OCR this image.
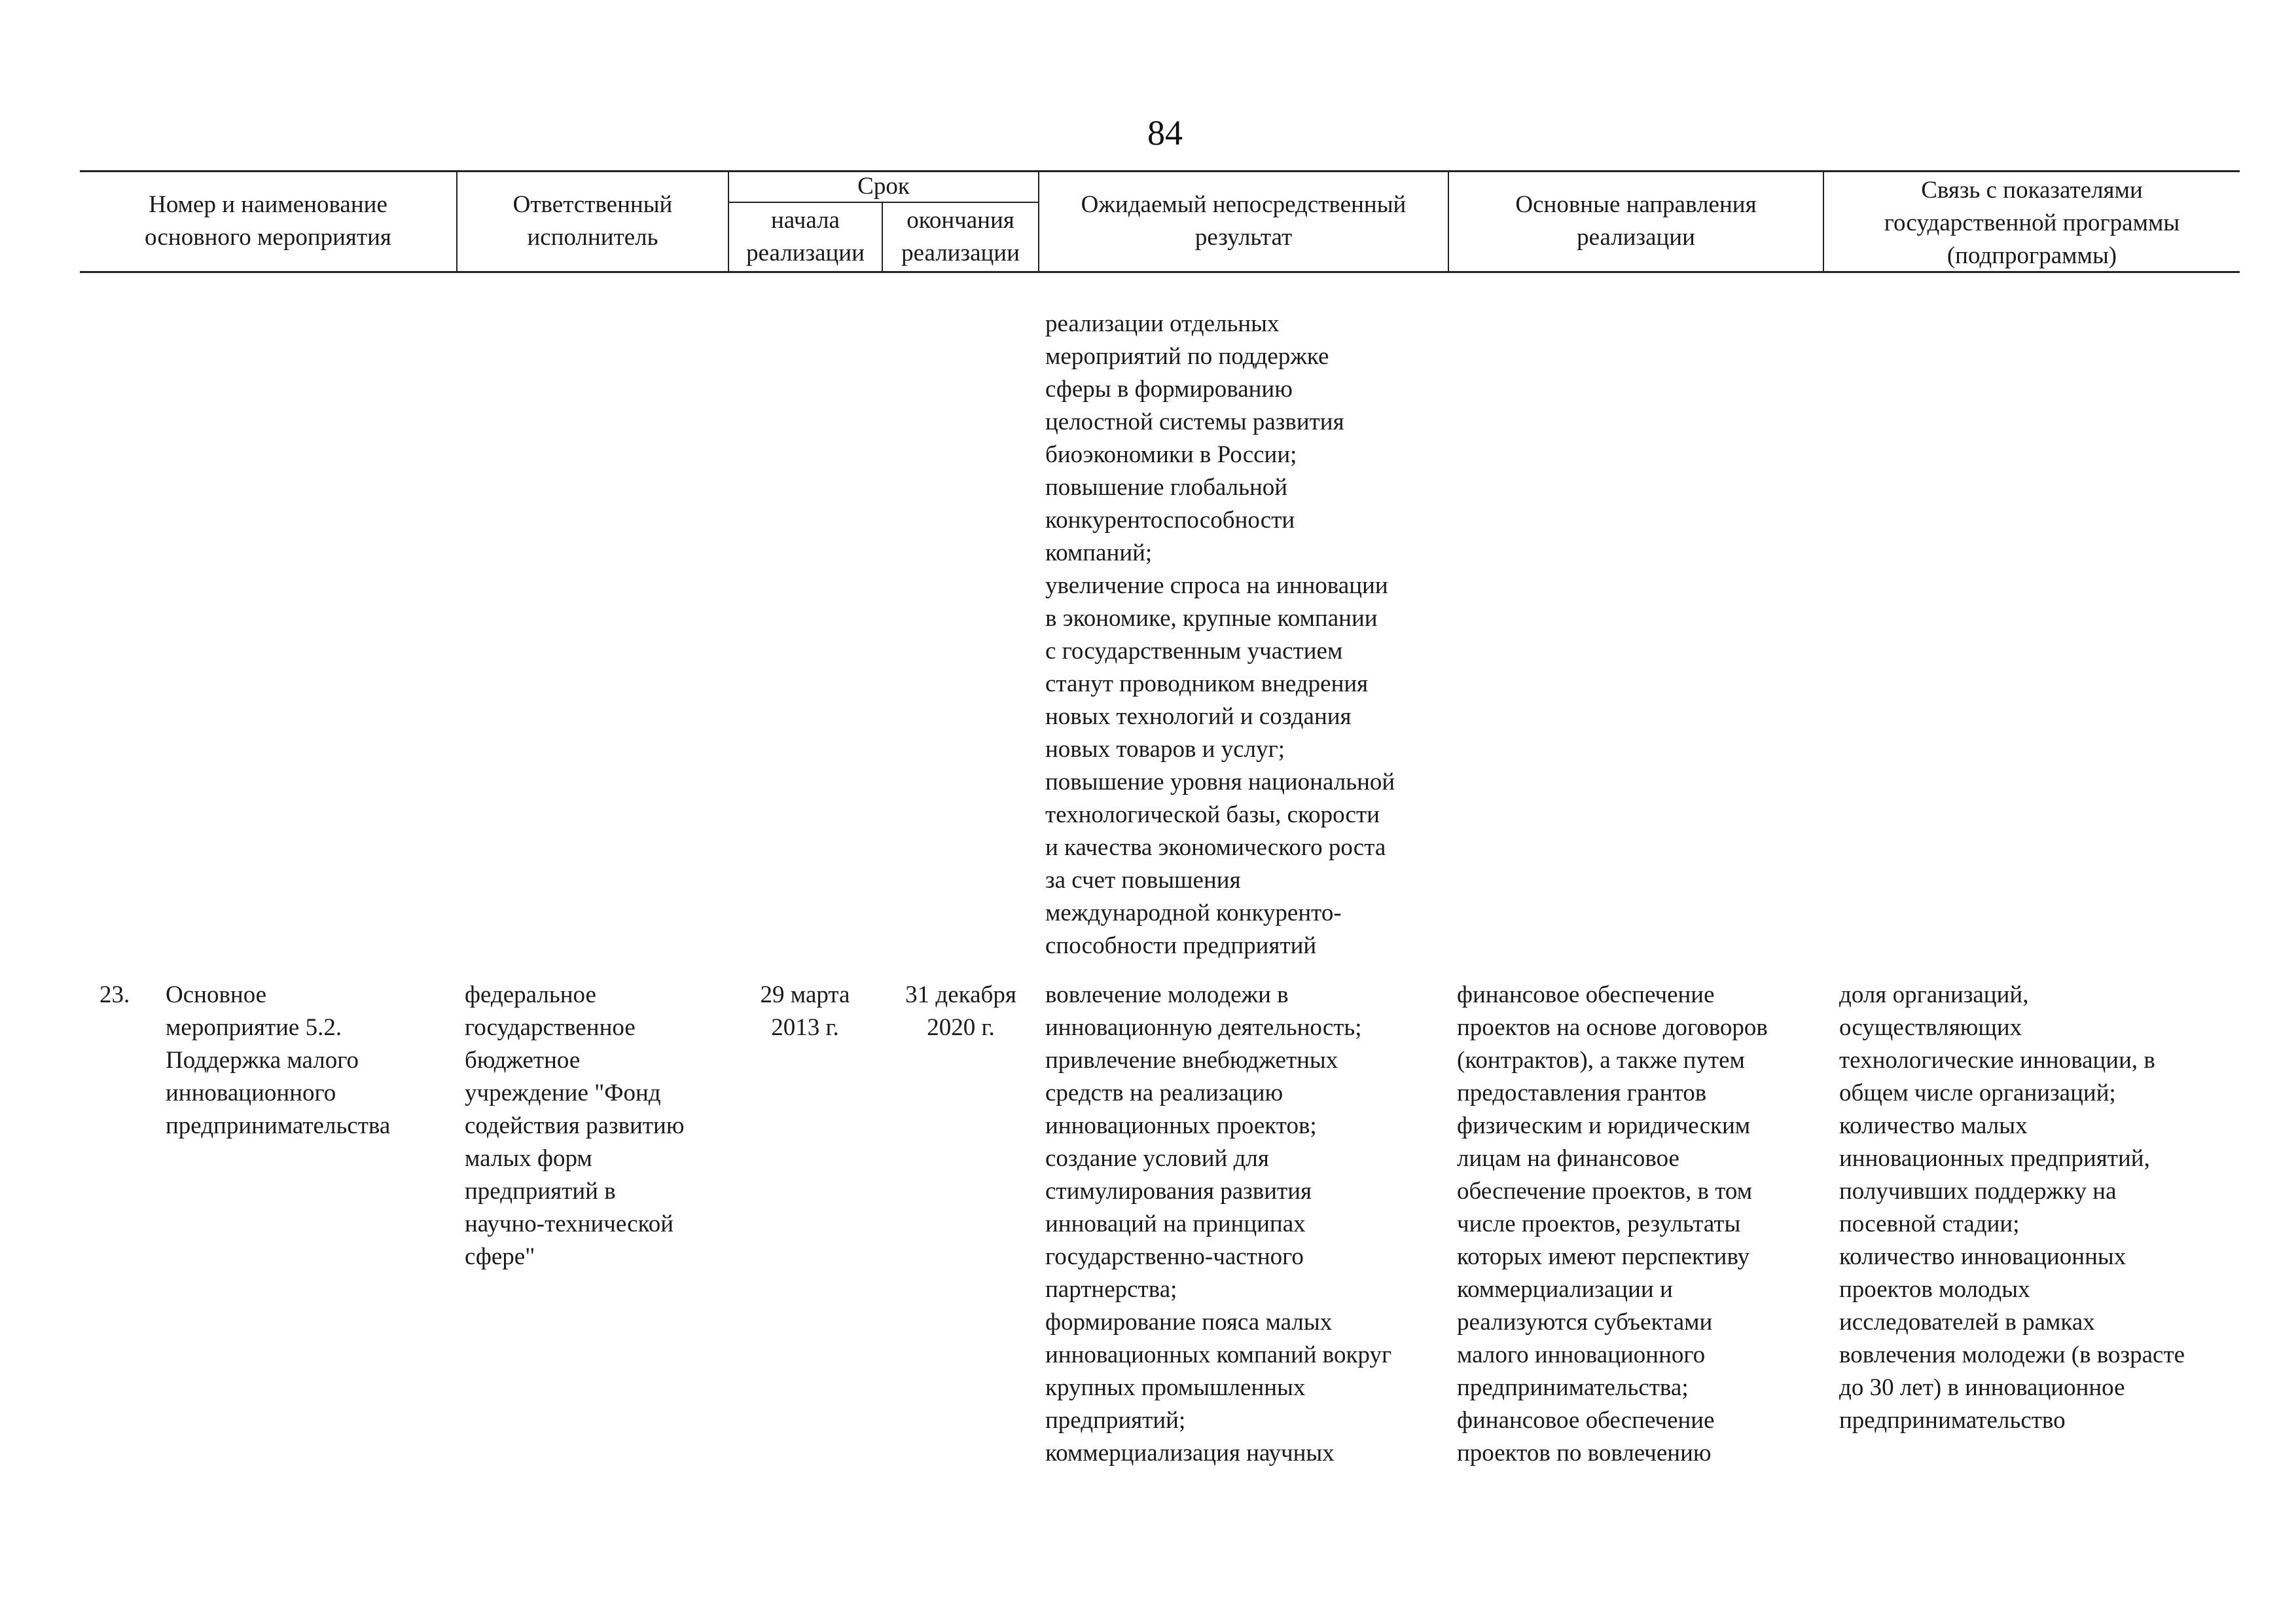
84
Номер и наименование
основного мероприятия
Ответственный
исполнитель
Срок
начала
реализации
окончания
реализации
Ожидаемый непосредственный
результат
Основные направления
реализации
Связь с показателями
государственной программы
(подпрограммы)
реализации отдельных
мероприятий по поддержке
сферы в формированию
целостной системы развития
биоэкономики в России;
повышение глобальной
конкурентоспособности
компаний;
увеличение спроса на инновации
в экономике, крупные компании
с государственным участием
станут проводником внедрения
новых технологий и создания
новых товаров и услуг;
повышение уровня национальной
технологической базы, скорости
и качества экономического роста
за счет повышения
международной конкуренто-
способности предприятий
23. Основное
мероприятие 5.2.
Поддержка малого
инновационного
предпринимательства
федеральное
государственное
бюджетное
учреждение "Фонд
содействия развитию
малых форм
предприятий в
научно-технической
сфере"
29 марта
2013 г.
31 декабря
2020 г.
вовлечение молодежи в
инновационную деятельность;
привлечение внебюджетных
средств на реализацию
инновационных проектов;
создание условий для
стимулирования развития
инноваций на принципах
государственно-частного
партнерства;
формирование пояса малых
инновационных компаний вокруг
крупных промышленных
предприятий;
коммерциализация научных
финансовое обеспечение
проектов на основе договоров
(контрактов), а также путем
предоставления грантов
физическим и юридическим
лицам на финансовое
обеспечение проектов, в том
числе проектов, результаты
которых имеют перспективу
коммерциализации и
реализуются субъектами
малого инновационного
предпринимательства;
финансовое обеспечение
проектов по вовлечению
доля организаций,
осуществляющих
технологические инновации, в
общем числе организаций;
количество малых
инновационных предприятий,
получивших поддержку на
посевной стадии;
количество инновационных
проектов молодых
исследователей в рамках
вовлечения молодежи (в возрасте
до 30 лет) в инновационное
предпринимательство
